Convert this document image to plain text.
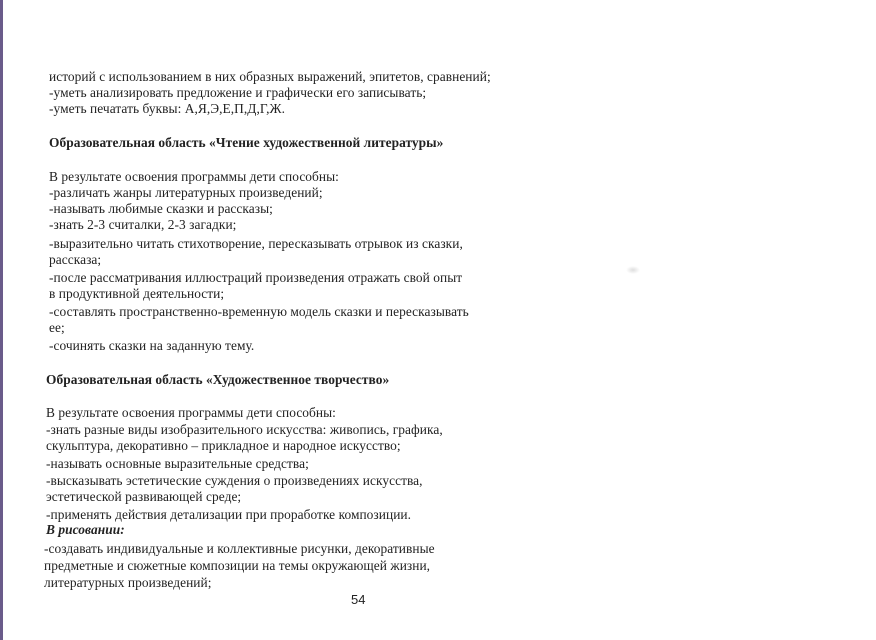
историй с использованием в них образных выражений, эпитетов, сравнений;
-уметь анализировать предложение и графически его записывать;
-уметь печатать буквы: А,Я,Э,Е,П,Д,Г,Ж.
Образовательная область «Чтение художественной литературы»
В результате освоения программы дети способны:
-различать жанры литературных произведений;
-называть любимые сказки и рассказы;
-знать 2-3 считалки, 2-3 загадки;
-выразительно читать стихотворение, пересказывать отрывок из сказки,
рассказа;
-после рассматривания иллюстраций произведения отражать свой опыт
в продуктивной деятельности;
-составлять пространственно-временную модель сказки и пересказывать
ее;
-сочинять сказки на заданную тему.
Образовательная область «Художественное творчество»
В результате освоения программы дети способны:
-знать разные виды изобразительного искусства: живопись, графика,
скульптура, декоративно – прикладное и народное искусство;
-называть основные выразительные средства;
-высказывать эстетические суждения о произведениях искусства,
эстетической развивающей среде;
-применять действия детализации при проработке композиции.
В рисовании:
-создавать индивидуальные и коллективные рисунки, декоративные
предметные и сюжетные композиции на темы окружающей жизни,
литературных произведений;
54
